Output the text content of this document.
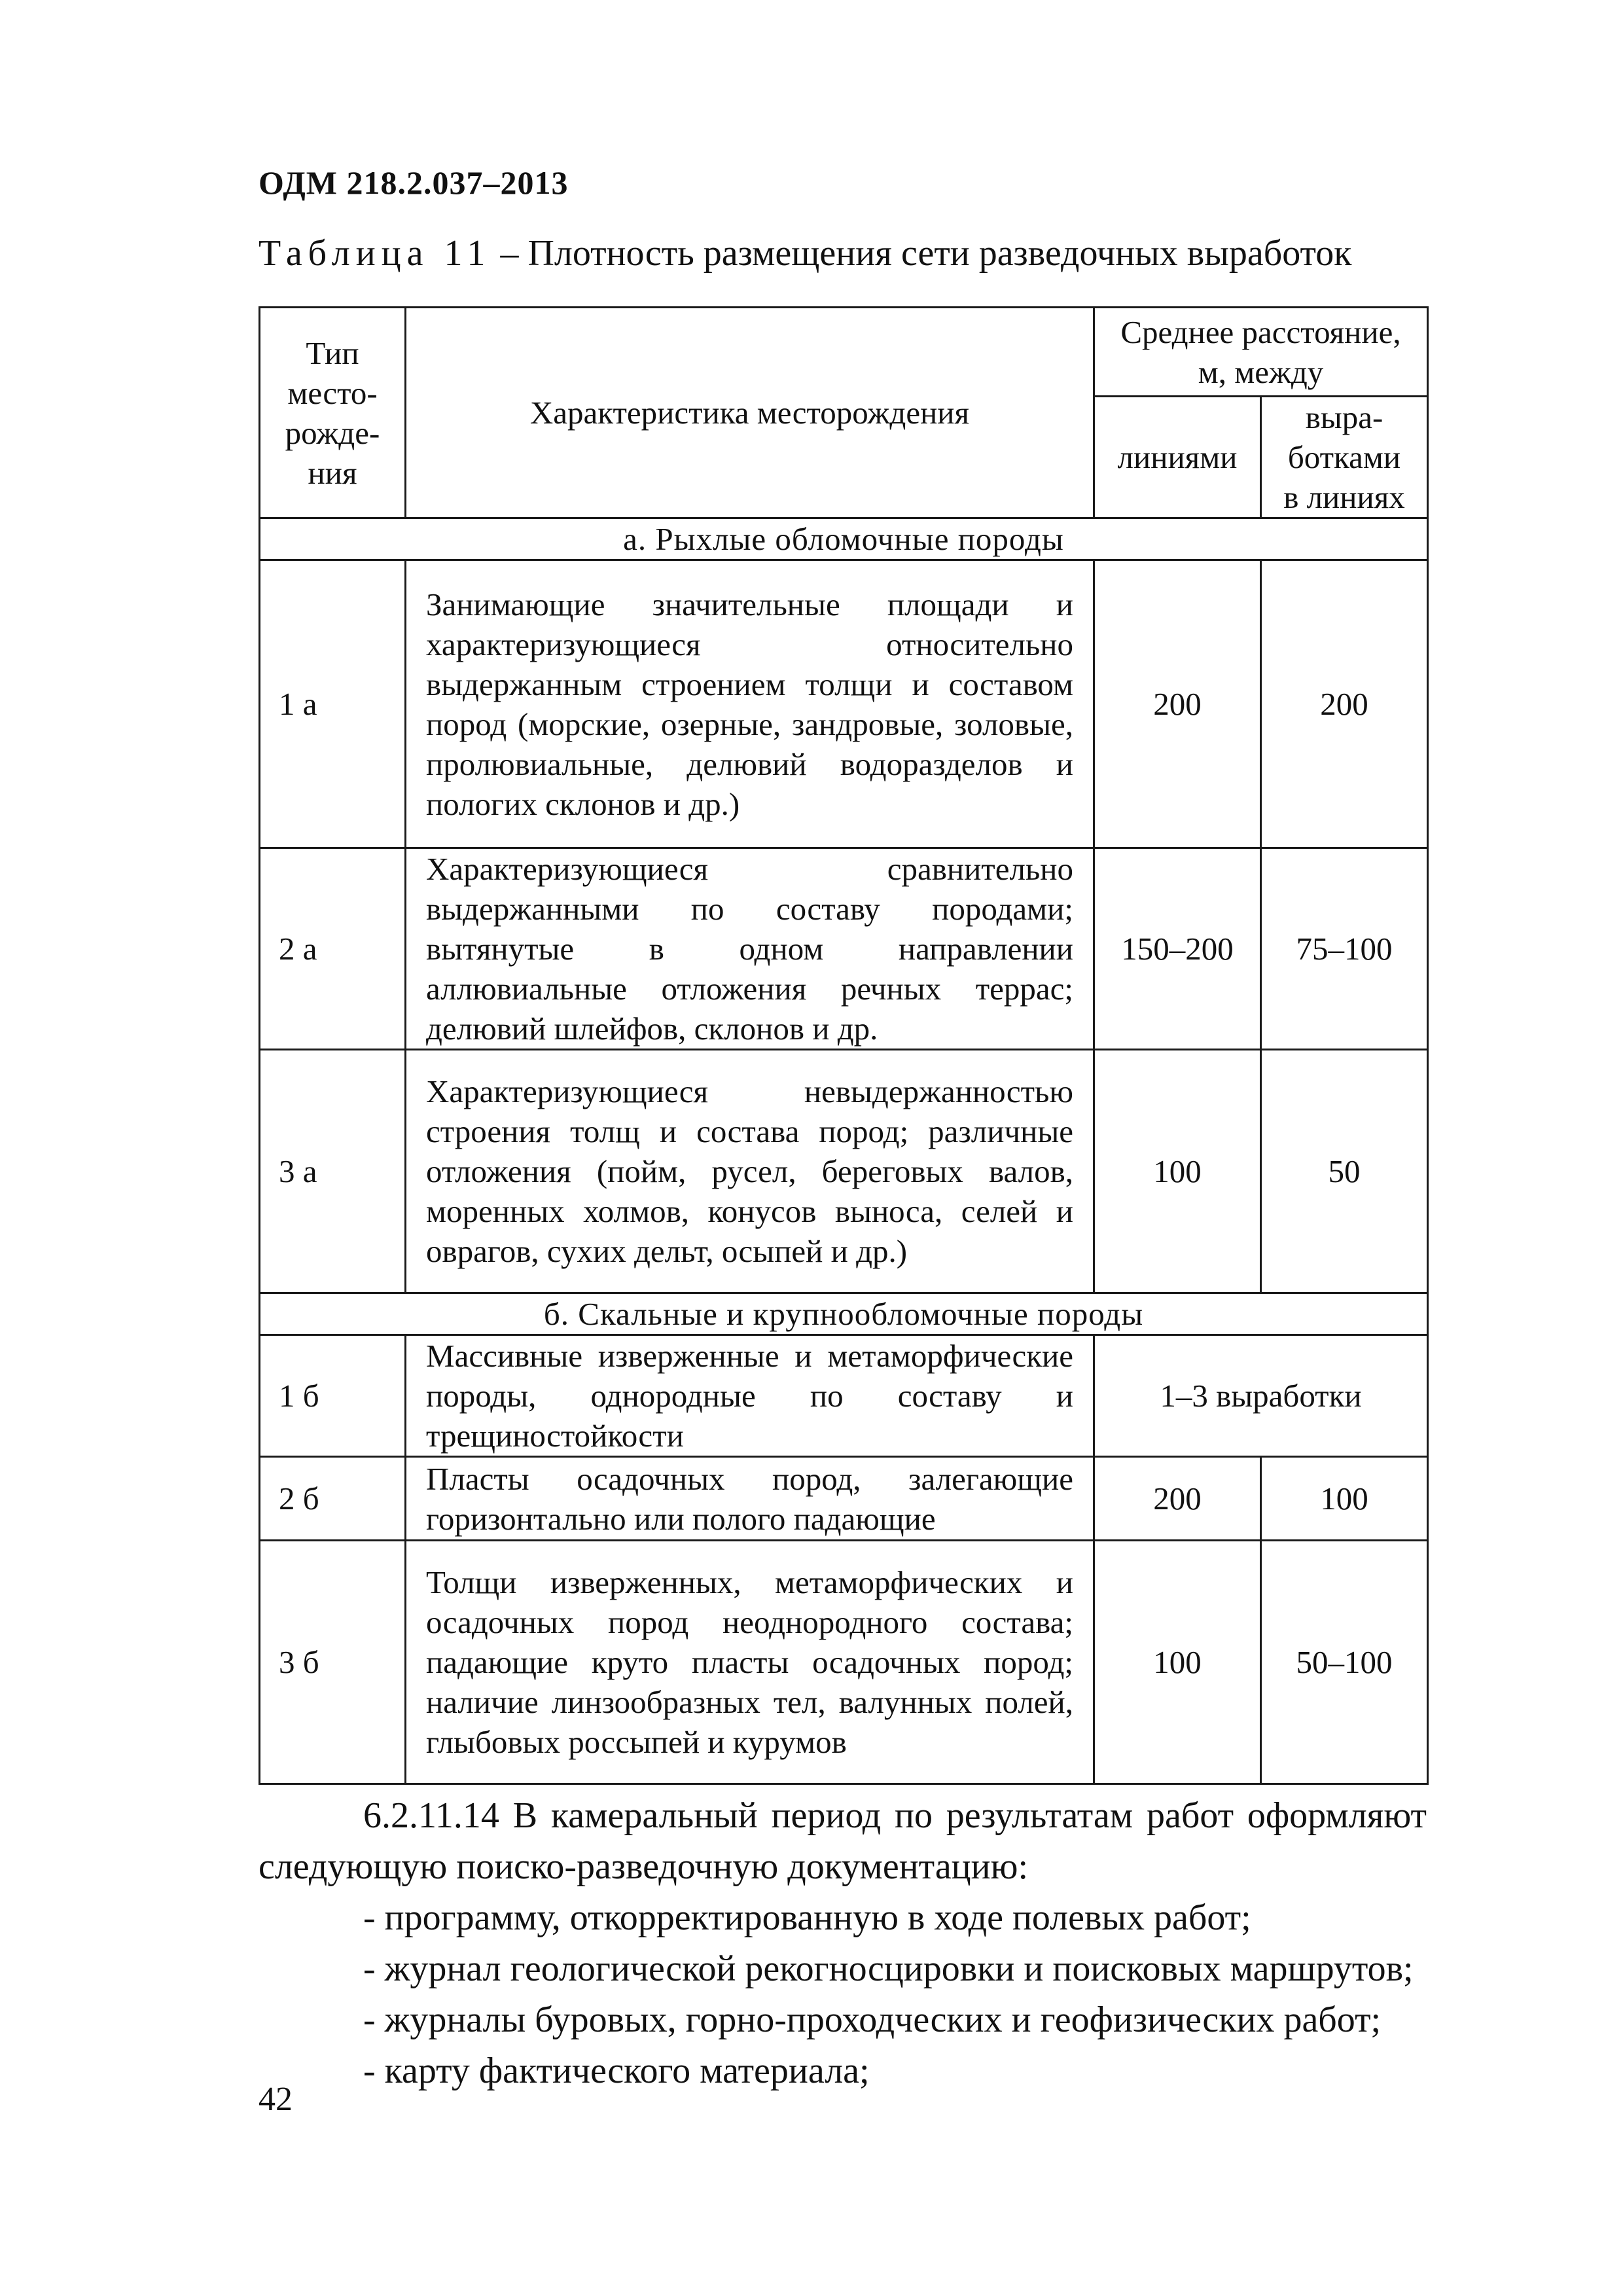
ОДМ 218.2.037–2013
Таблица 11 – Плотность размещения сети разведочных выработок
Тип место-рожде-ния	Характеристика месторождения	Среднее расстояние, м, между	
		линиями	выра-ботками в линиях
а. Рыхлые обломочные породы			
1 а	Занимающие значительные площади и характеризующиеся относительно выдержанным строением толщи и составом пород (морские, озерные, зандровые, золовые, пролювиальные, делювий водоразделов и пологих склонов и др.)	200	200
2 а	Характеризующиеся сравнительно выдержанными по составу породами; вытянутые в одном направлении аллювиальные отложения речных террас; делювий шлейфов, склонов и др.	150–200	75–100
3 а	Характеризующиеся невыдержанностью строения толщ и состава пород; различные отложения (пойм, русел, береговых валов, моренных холмов, конусов выноса, селей и оврагов, сухих дельт, осыпей и др.)	100	50
б. Скальные и крупнообломочные породы			
1 б	Массивные изверженные и метаморфические породы, однородные по составу и трещиностойкости	1–3 выработки	
2 б	Пласты осадочных пород, залегающие горизонтально или полого падающие	200	100
3 б	Толщи изверженных, метаморфических и осадочных пород неоднородного состава; падающие круто пласты осадочных пород; наличие линзообразных тел, валунных полей, глыбовых россыпей и курумов	100	50–100
6.2.11.14 В камеральный период по результатам работ оформляют следующую поиско-разведочную документацию:
- программу, откорректированную в ходе полевых работ;
- журнал геологической рекогносцировки и поисковых маршрутов;
- журналы буровых, горно-проходческих и геофизических работ;
- карту фактического материала;
42
